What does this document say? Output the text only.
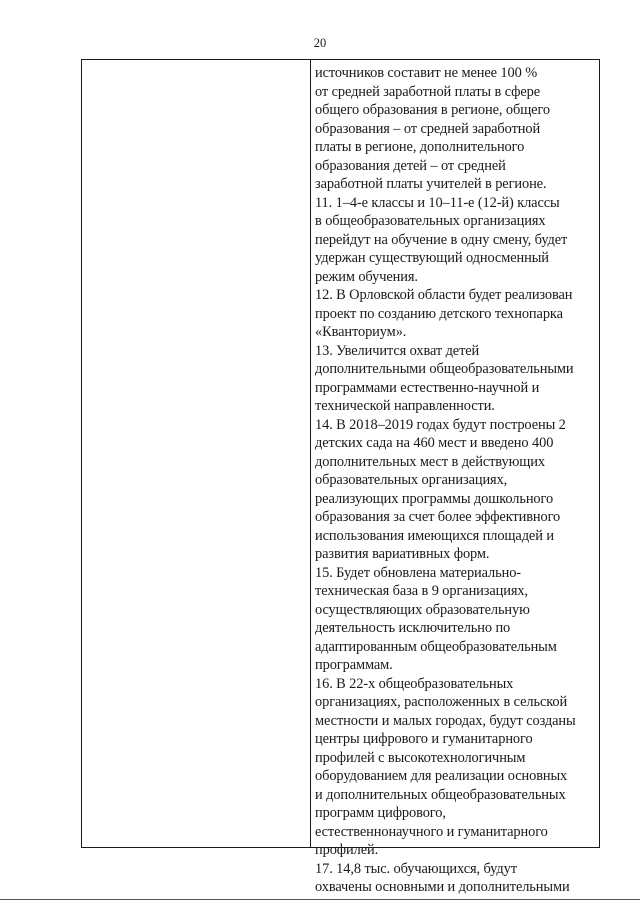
20
источников составит не менее 100 %
от средней заработной платы в сфере
общего образования в регионе, общего
образования – от средней заработной
платы в регионе, дополнительного
образования детей – от средней
заработной платы учителей в регионе.
11. 1–4-е классы и 10–11-е (12-й) классы
в общеобразовательных организациях
перейдут на обучение в одну смену, будет
удержан существующий односменный
режим обучения.
12. В Орловской области будет реализован
проект по созданию детского технопарка
«Кванториум».
13. Увеличится охват детей
дополнительными общеобразовательными
программами естественно-научной и
технической направленности.
14. В 2018–2019 годах будут построены 2
детских сада на 460 мест и введено 400
дополнительных мест в действующих
образовательных организациях,
реализующих программы дошкольного
образования за счет более эффективного
использования имеющихся площадей и
развития вариативных форм.
15. Будет обновлена материально-
техническая база в 9 организациях,
осуществляющих образовательную
деятельность исключительно по
адаптированным общеобразовательным
программам.
16. В 22-х общеобразовательных
организациях, расположенных в сельской
местности и малых городах, будут созданы
центры цифрового и гуманитарного
профилей с высокотехнологичным
оборудованием для реализации основных
и дополнительных общеобразовательных
программ цифрового,
естественнонаучного и гуманитарного
профилей.
17. 14,8 тыс. обучающихся, будут
охвачены основными и дополнительными
